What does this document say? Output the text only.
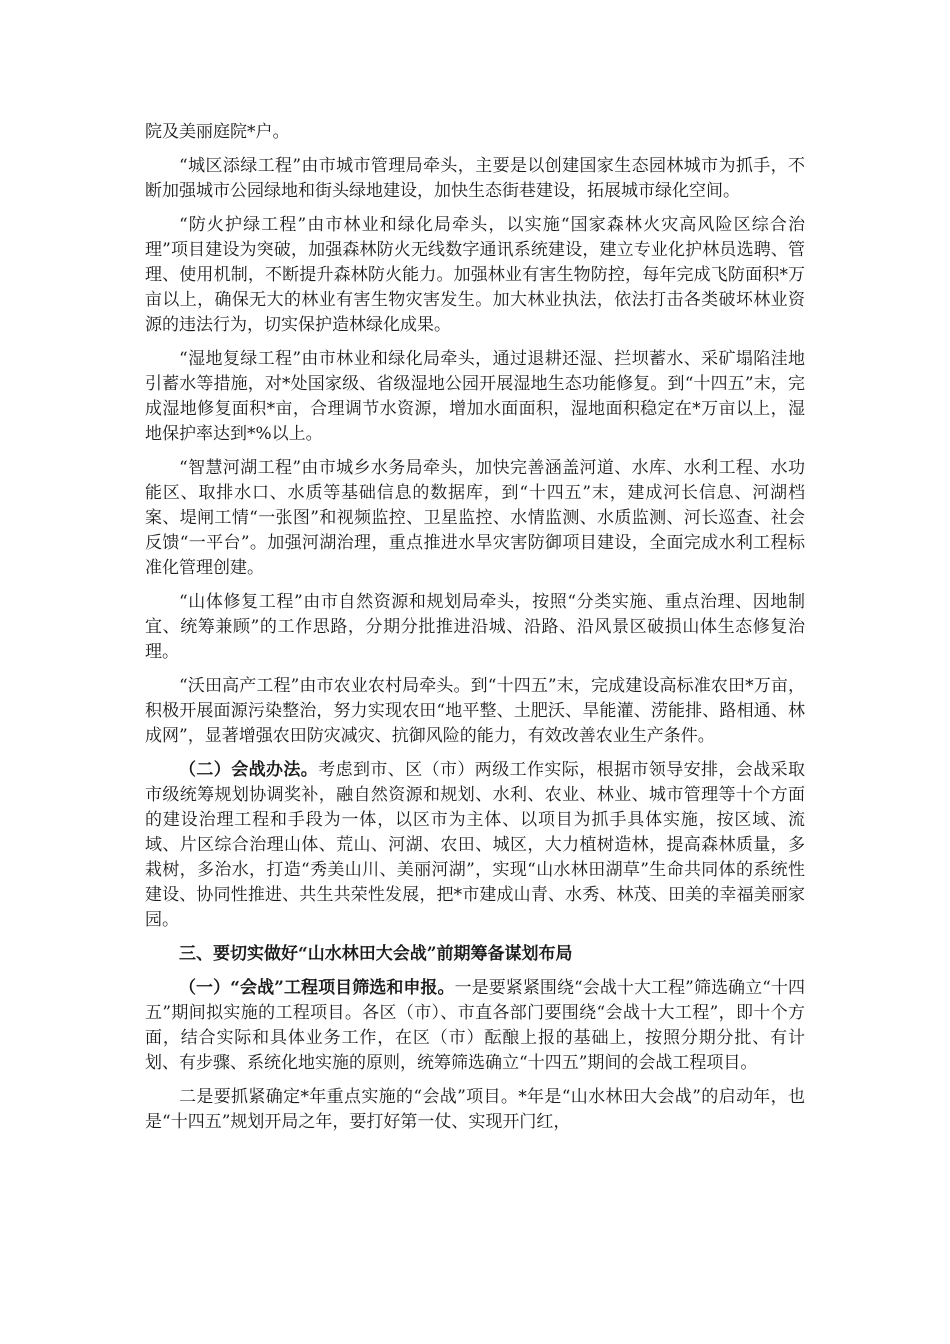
院及美丽庭院*户。

“城区添绿工程”由市城市管理局牵头，主要是以创建国家生态园林城市为抓手，不断加强城市公园绿地和街头绿地建设，加快生态街巷建设，拓展城市绿化空间。

“防火护绿工程”由市林业和绿化局牵头，以实施“国家森林火灾高风险区综合治理”项目建设为突破，加强森林防火无线数字通讯系统建设，建立专业化护林员选聘、管理、使用机制，不断提升森林防火能力。加强林业有害生物防控，每年完成飞防面积*万亩以上，确保无大的林业有害生物灾害发生。加大林业执法，依法打击各类破坏林业资源的违法行为，切实保护造林绿化成果。

“湿地复绿工程”由市林业和绿化局牵头，通过退耕还湿、拦坝蓄水、采矿塌陷洼地引蓄水等措施，对*处国家级、省级湿地公园开展湿地生态功能修复。到“十四五”末，完成湿地修复面积*亩，合理调节水资源，增加水面面积，湿地面积稳定在*万亩以上，湿地保护率达到*%以上。

“智慧河湖工程”由市城乡水务局牵头，加快完善涵盖河道、水库、水利工程、水功能区、取排水口、水质等基础信息的数据库，到“十四五”末，建成河长信息、河湖档案、堤闸工情“一张图”和视频监控、卫星监控、水情监测、水质监测、河长巡查、社会反馈“一平台”。加强河湖治理，重点推进水旱灾害防御项目建设，全面完成水利工程标准化管理创建。

“山体修复工程”由市自然资源和规划局牵头，按照“分类实施、重点治理、因地制宜、统筹兼顾”的工作思路，分期分批推进沿城、沿路、沿风景区破损山体生态修复治理。

“沃田高产工程”由市农业农村局牵头。到“十四五”末，完成建设高标准农田*万亩，积极开展面源污染整治，努力实现农田“地平整、土肥沃、旱能灌、涝能排、路相通、林成网”，显著增强农田防灾减灾、抗御风险的能力，有效改善农业生产条件。

（二）会战办法。考虑到市、区（市）两级工作实际，根据市领导安排，会战采取市级统筹规划协调奖补，融自然资源和规划、水利、农业、林业、城市管理等十个方面的建设治理工程和手段为一体，以区市为主体、以项目为抓手具体实施，按区域、流域、片区综合治理山体、荒山、河湖、农田、城区，大力植树造林，提高森林质量，多栽树，多治水，打造“秀美山川、美丽河湖”，实现“山水林田湖草”生命共同体的系统性建设、协同性推进、共生共荣性发展，把*市建成山青、水秀、林茂、田美的幸福美丽家园。

三、要切实做好“山水林田大会战”前期筹备谋划布局

（一）“会战”工程项目筛选和申报。一是要紧紧围绕“会战十大工程”筛选确立“十四五”期间拟实施的工程项目。各区（市）、市直各部门要围绕“会战十大工程”，即十个方面，结合实际和具体业务工作，在区（市）酝酿上报的基础上，按照分期分批、有计划、有步骤、系统化地实施的原则，统筹筛选确立“十四五”期间的会战工程项目。

二是要抓紧确定*年重点实施的“会战”项目。*年是“山水林田大会战”的启动年，也是“十四五”规划开局之年，要打好第一仗、实现开门红，
